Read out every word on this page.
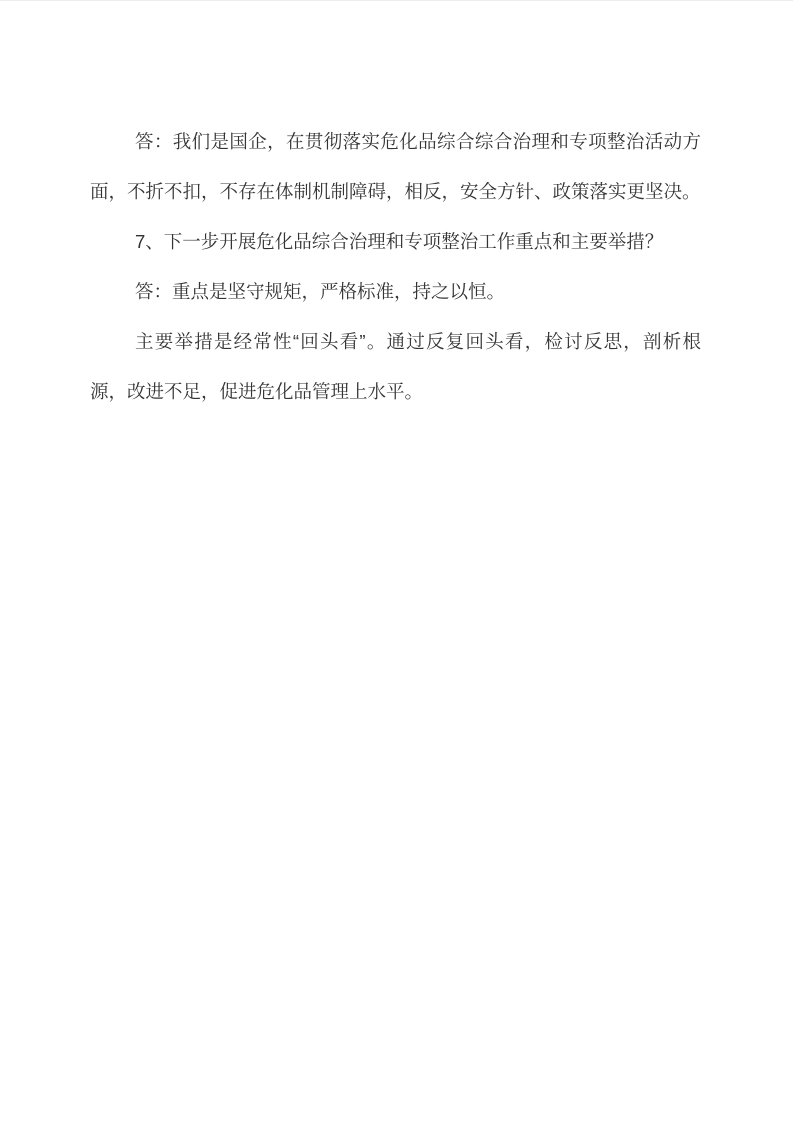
答：我们是国企，在贯彻落实危化品综合综合治理和专项整治活动方面，不折不扣，不存在体制机制障碍，相反，安全方针、政策落实更坚决。

7、下一步开展危化品综合治理和专项整治工作重点和主要举措？

答：重点是坚守规矩，严格标准，持之以恒。

主要举措是经常性“回头看”。通过反复回头看，检讨反思，剖析根源，改进不足，促进危化品管理上水平。
